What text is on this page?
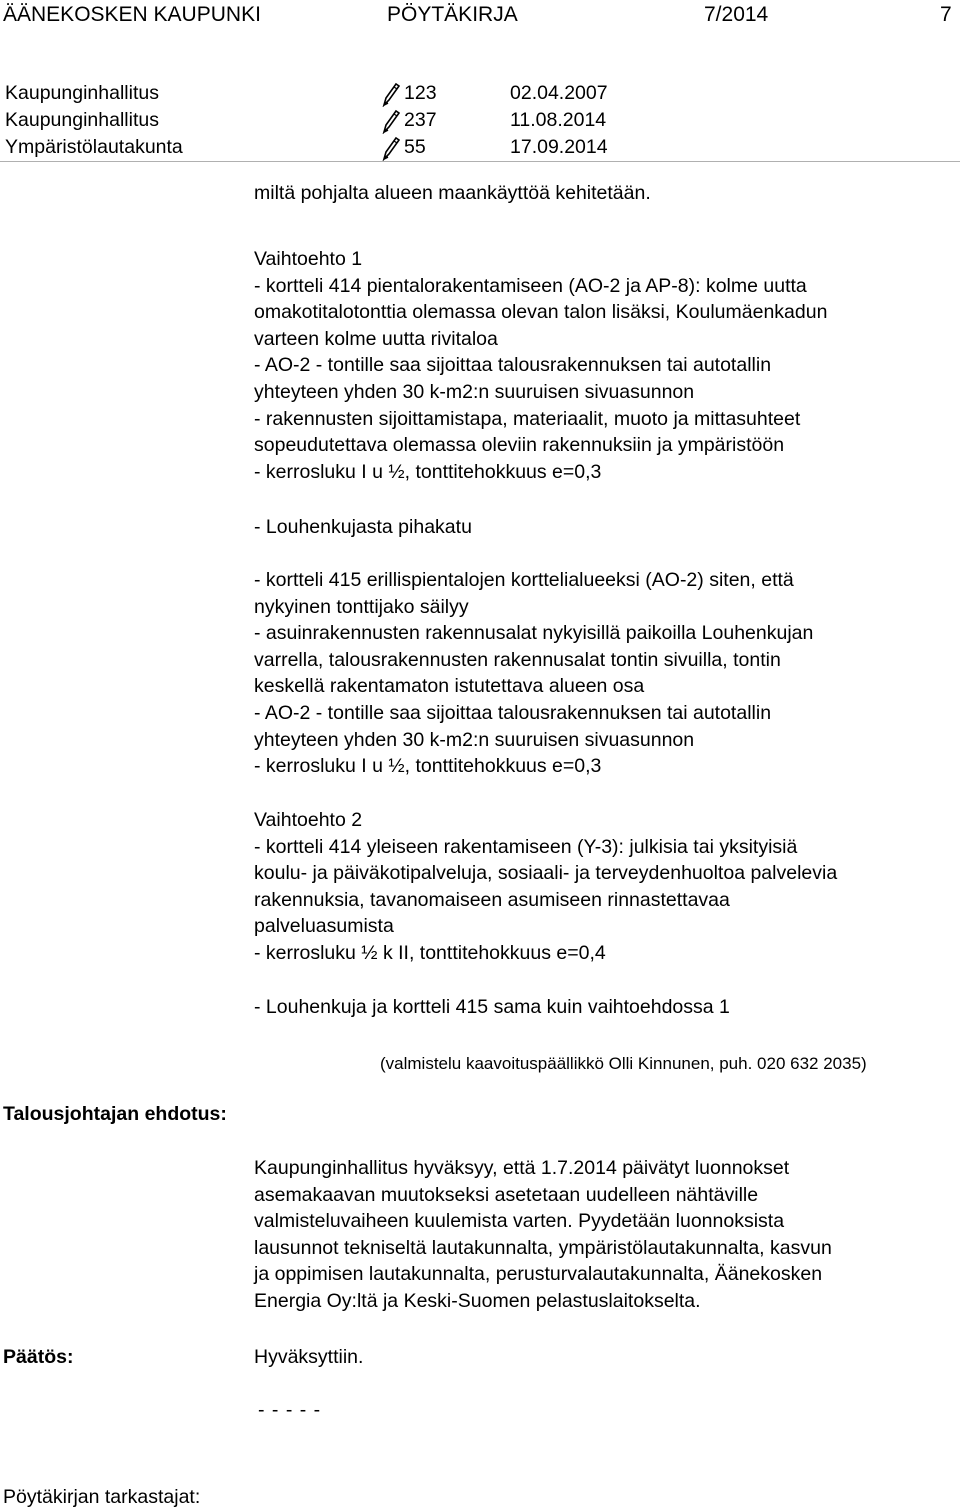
ÄÄNEKOSKEN KAUPUNKI	PÖYTÄKIRJA	7/2014	7
Kaupunginhallitus	123	02.04.2007
Kaupunginhallitus	237	11.08.2014
Ympäristölautakunta	55	17.09.2014
miltä pohjalta alueen maankäyttöä kehitetään.
Vaihtoehto 1
- kortteli 414 pientalorakentamiseen (AO-2 ja AP-8): kolme uutta
omakotitalotonttia olemassa olevan talon lisäksi, Koulumäenkadun
varteen kolme uutta rivitaloa
- AO-2 - tontille saa sijoittaa talousrakennuksen tai autotallin
yhteyteen yhden 30 k-m2:n suuruisen sivuasunnon
- rakennusten sijoittamistapa, materiaalit, muoto ja mittasuhteet
sopeudutettava olemassa oleviin rakennuksiin ja ympäristöön
- kerrosluku I u ½, tonttitehokkuus e=0,3
- Louhenkujasta pihakatu
- kortteli 415 erillispientalojen korttelialueeksi (AO-2) siten, että
nykyinen tonttijako säilyy
- asuinrakennusten rakennusalat nykyisillä paikoilla Louhenkujan
varrella, talousrakennusten rakennusalat tontin sivuilla, tontin
keskellä rakentamaton istutettava alueen osa
- AO-2 - tontille saa sijoittaa talousrakennuksen tai autotallin
yhteyteen yhden 30 k-m2:n suuruisen sivuasunnon
- kerrosluku I u ½, tonttitehokkuus e=0,3
Vaihtoehto 2
- kortteli 414 yleiseen rakentamiseen (Y-3): julkisia tai yksityisiä
koulu- ja päiväkotipalveluja, sosiaali- ja terveydenhuoltoa palvelevia
rakennuksia, tavanomaiseen asumiseen rinnastettavaa
palveluasumista
- kerrosluku ½ k II, tonttitehokkuus e=0,4
- Louhenkuja ja kortteli 415 sama kuin vaihtoehdossa 1
(valmistelu kaavoituspäällikkö Olli Kinnunen, puh. 020 632 2035)
Talousjohtajan ehdotus:
Kaupunginhallitus hyväksyy, että 1.7.2014 päivätyt luonnokset
asemakaavan muutokseksi asetetaan uudelleen nähtäville
valmisteluvaiheen kuulemista varten. Pyydetään luonnoksista
lausunnot tekniseltä lautakunnalta, ympäristölautakunnalta, kasvun
ja oppimisen lautakunnalta, perusturvalautakunnalta, Äänekosken
Energia Oy:ltä ja Keski-Suomen pelastuslaitokselta.
Päätös:	Hyväksyttiin.
- - - - -
Pöytäkirjan tarkastajat:
